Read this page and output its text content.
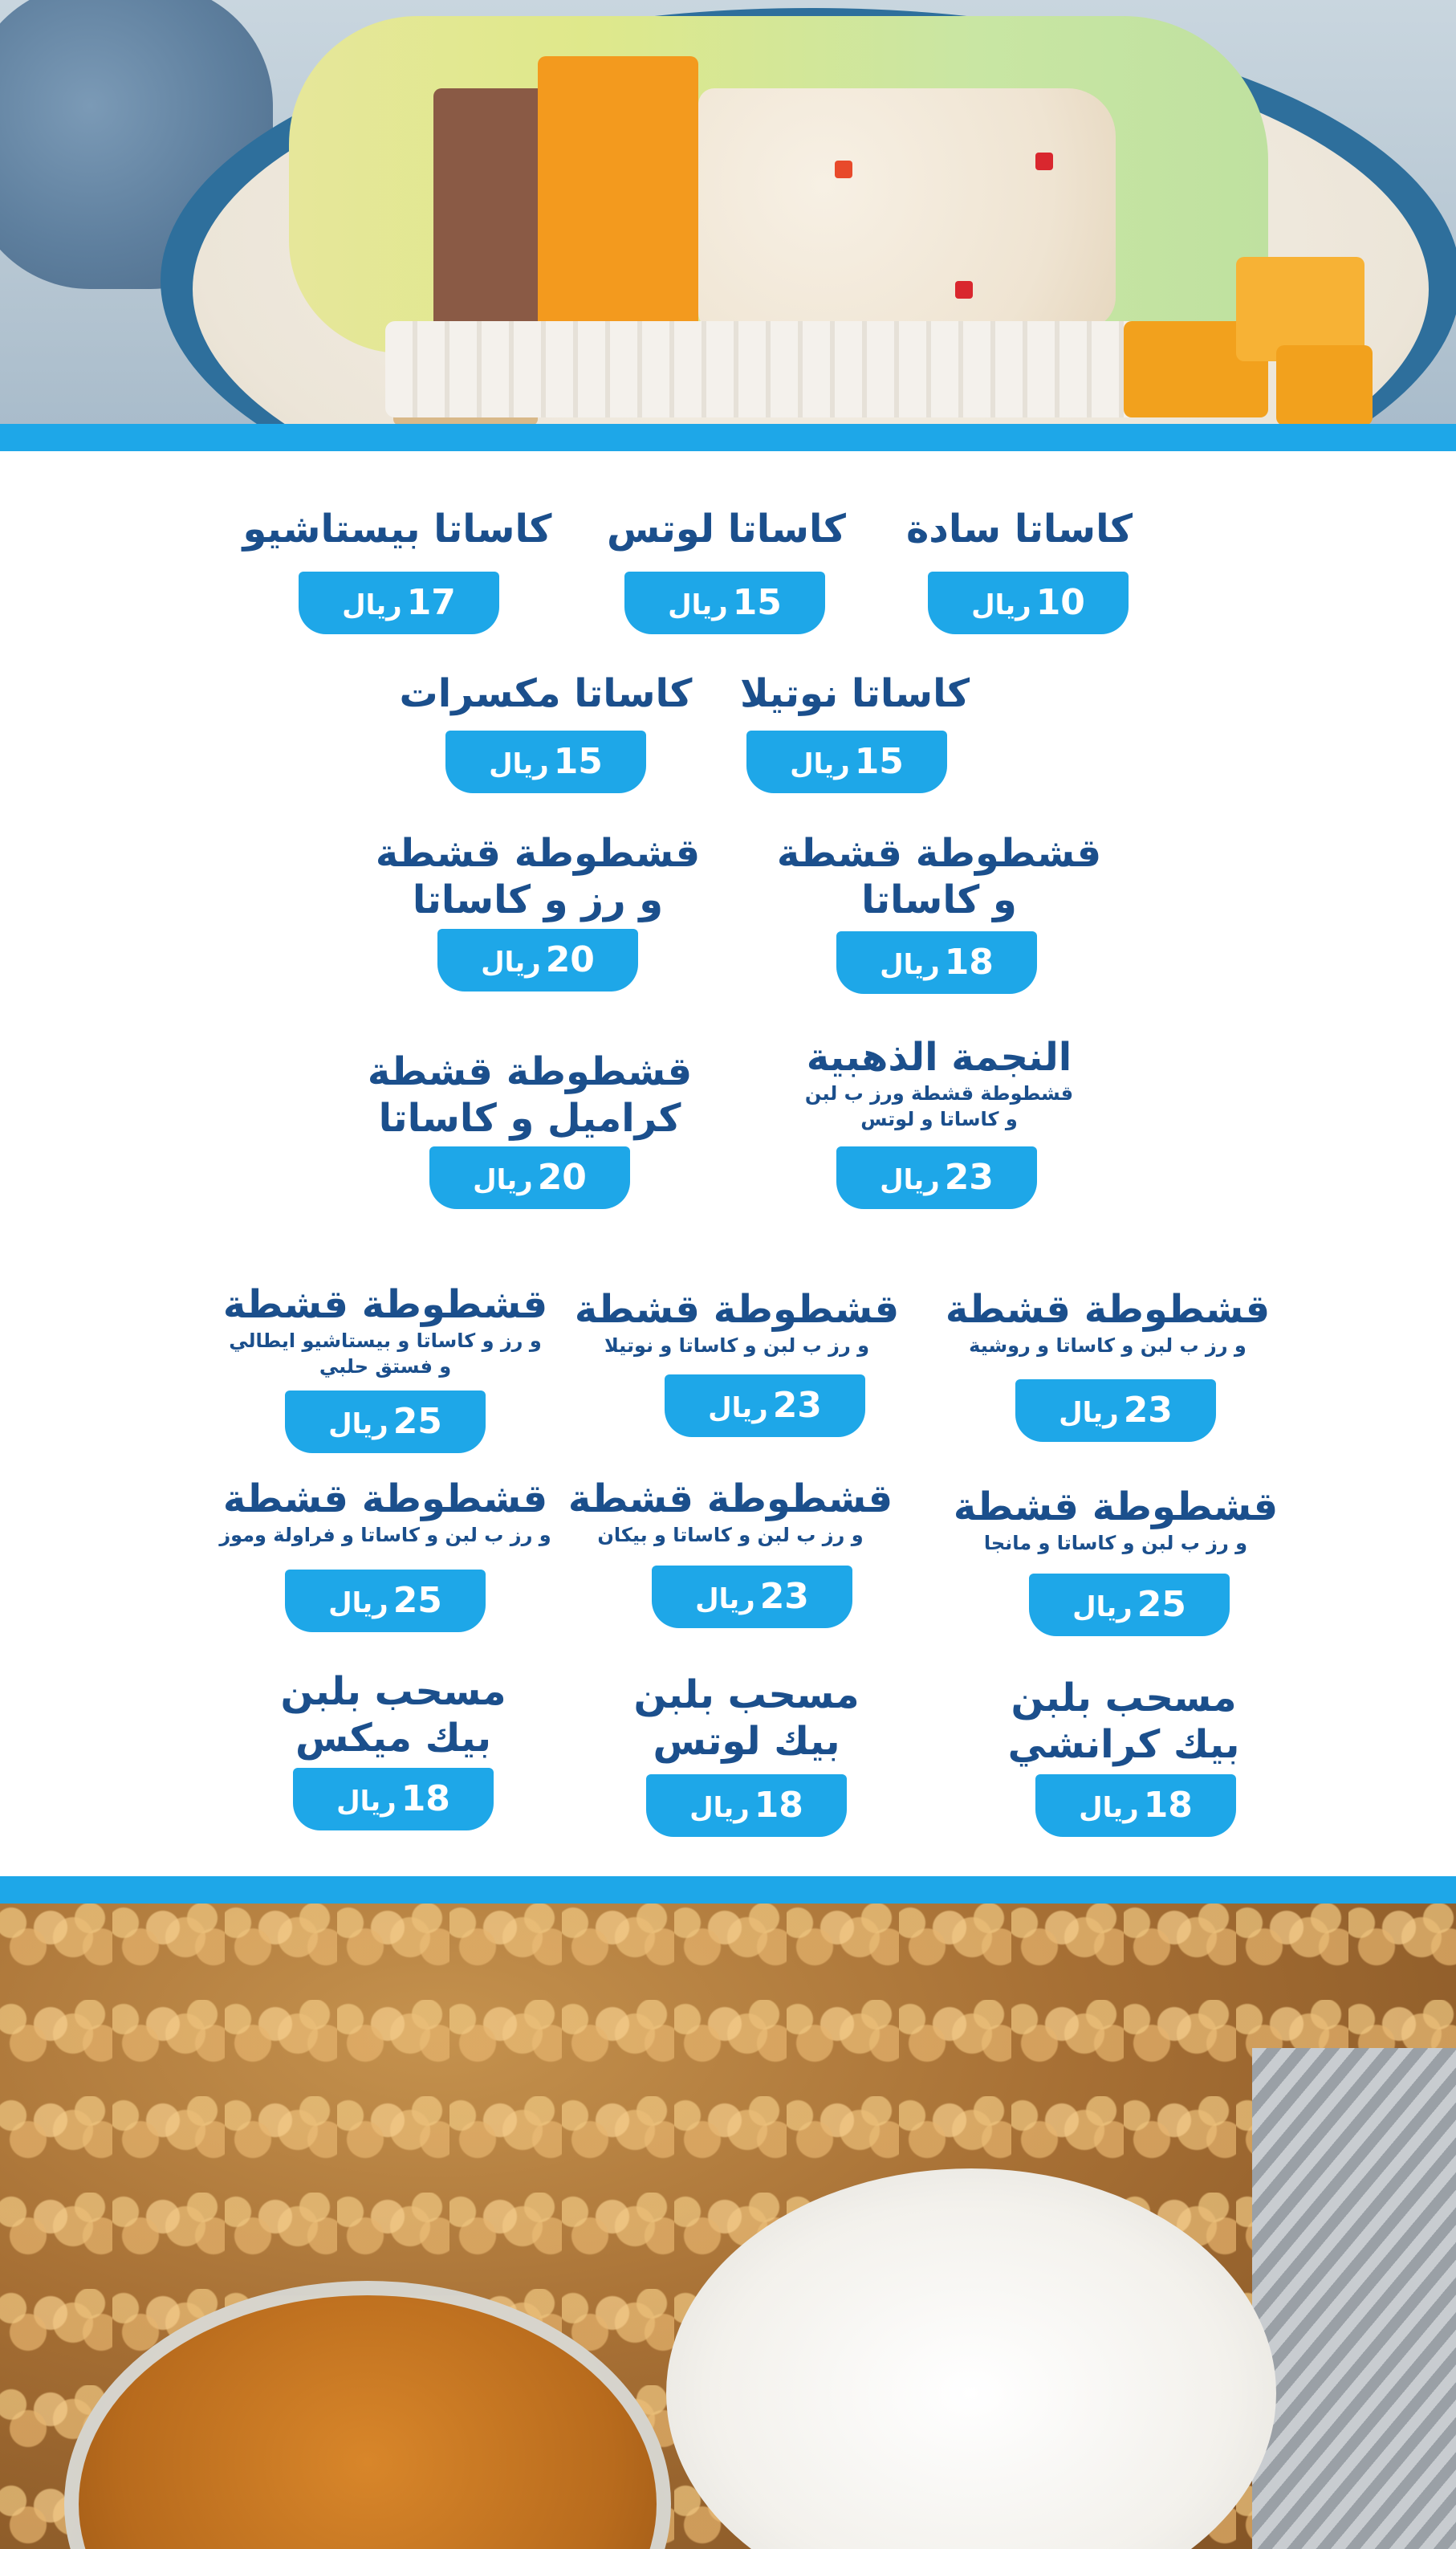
كاساتا سادة
10ريال
كاساتا لوتس
15ريال
كاساتا بيستاشيو
17ريال
كاساتا نوتيلا
15ريال
كاساتا مكسرات
15ريال
قشطوطة قشطة
و كاساتا
18ريال
قشطوطة قشطة
و رز و كاساتا
20ريال
النجمة الذهبية
قشطوطة قشطة ورز ب لبن
و كاساتا و لوتس
23ريال
قشطوطة قشطة
كراميل و كاساتا
20ريال
قشطوطة قشطة
و رز ب لبن و كاساتا و روشية
23ريال
قشطوطة قشطة
و رز ب لبن و كاساتا و نوتيلا
23ريال
قشطوطة قشطة
و رز و كاساتا و بيستاشيو ايطالي
و فستق حلبي
25ريال
قشطوطة قشطة
و رز ب لبن و كاساتا و مانجا
25ريال
قشطوطة قشطة
و رز ب لبن و كاساتا و بيكان
23ريال
قشطوطة قشطة
و رز ب لبن و كاساتا و فراولة وموز
25ريال
مسحب بلبن
بيك كرانشي
18ريال
مسحب بلبن
بيك لوتس
18ريال
مسحب بلبن
بيك ميكس
18ريال
